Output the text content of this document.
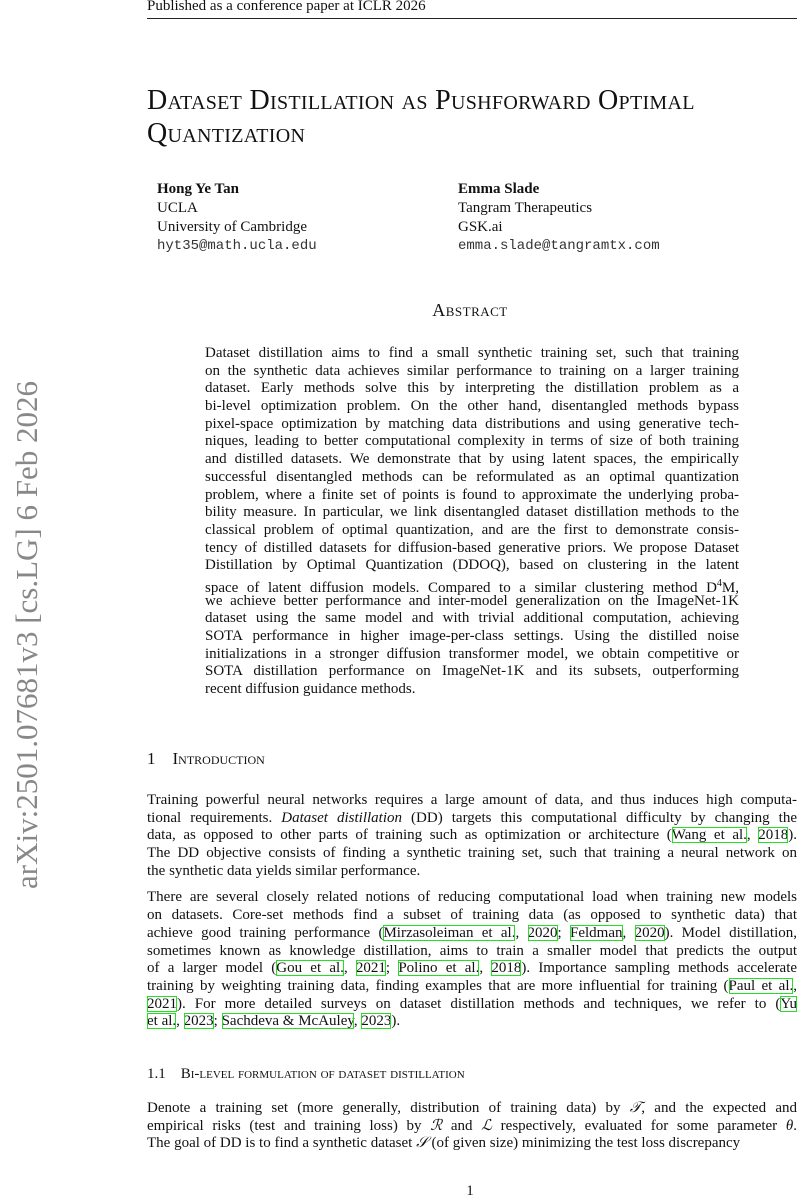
Published as a conference paper at ICLR 2026
arXiv:2501.07681v3 [cs.LG] 6 Feb 2026
Dataset Distillation as Pushforward Optimal
Quantization
Hong Ye Tan
UCLA
University of Cambridge
hyt35@math.ucla.edu
Emma Slade
Tangram Therapeutics
GSK.ai
emma.slade@tangramtx.com
Abstract
Dataset distillation aims to find a small synthetic training set, such that training
on the synthetic data achieves similar performance to training on a larger training
dataset. Early methods solve this by interpreting the distillation problem as a
bi-level optimization problem. On the other hand, disentangled methods bypass
pixel-space optimization by matching data distributions and using generative tech-
niques, leading to better computational complexity in terms of size of both training
and distilled datasets. We demonstrate that by using latent spaces, the empirically
successful disentangled methods can be reformulated as an optimal quantization
problem, where a finite set of points is found to approximate the underlying proba-
bility measure. In particular, we link disentangled dataset distillation methods to the
classical problem of optimal quantization, and are the first to demonstrate consis-
tency of distilled datasets for diffusion-based generative priors. We propose Dataset
Distillation by Optimal Quantization (DDOQ), based on clustering in the latent
space of latent diffusion models. Compared to a similar clustering method $D^4M$,
we achieve better performance and inter-model generalization on the ImageNet-1K
dataset using the same model and with trivial additional computation, achieving
SOTA performance in higher image-per-class settings. Using the distilled noise
initializations in a stronger diffusion transformer model, we obtain competitive or
SOTA distillation performance on ImageNet-1K and its subsets, outperforming
recent diffusion guidance methods.
1 Introduction
Training powerful neural networks requires a large amount of data, and thus induces high computa-
tional requirements. Dataset distillation (DD) targets this computational difficulty by changing the
data, as opposed to other parts of training such as optimization or architecture (Wang et al., 2018).
The DD objective consists of finding a synthetic training set, such that training a neural network on
the synthetic data yields similar performance.
There are several closely related notions of reducing computational load when training new models
on datasets. Core-set methods find a subset of training data (as opposed to synthetic data) that
achieve good training performance (Mirzasoleiman et al., 2020; Feldman, 2020). Model distillation,
sometimes known as knowledge distillation, aims to train a smaller model that predicts the output
of a larger model (Gou et al., 2021; Polino et al., 2018). Importance sampling methods accelerate
training by weighting training data, finding examples that are more influential for training (Paul et al.,
2021). For more detailed surveys on dataset distillation methods and techniques, we refer to (Yu
et al., 2023; Sachdeva & McAuley, 2023).
1.1 Bi-level formulation of dataset distillation
Denote a training set (more generally, distribution of training data) by 𝒯, and the expected and
empirical risks (test and training loss) by ℛ and ℒ respectively, evaluated for some parameter θ.
The goal of DD is to find a synthetic dataset 𝒮 (of given size) minimizing the test loss discrepancy
1
